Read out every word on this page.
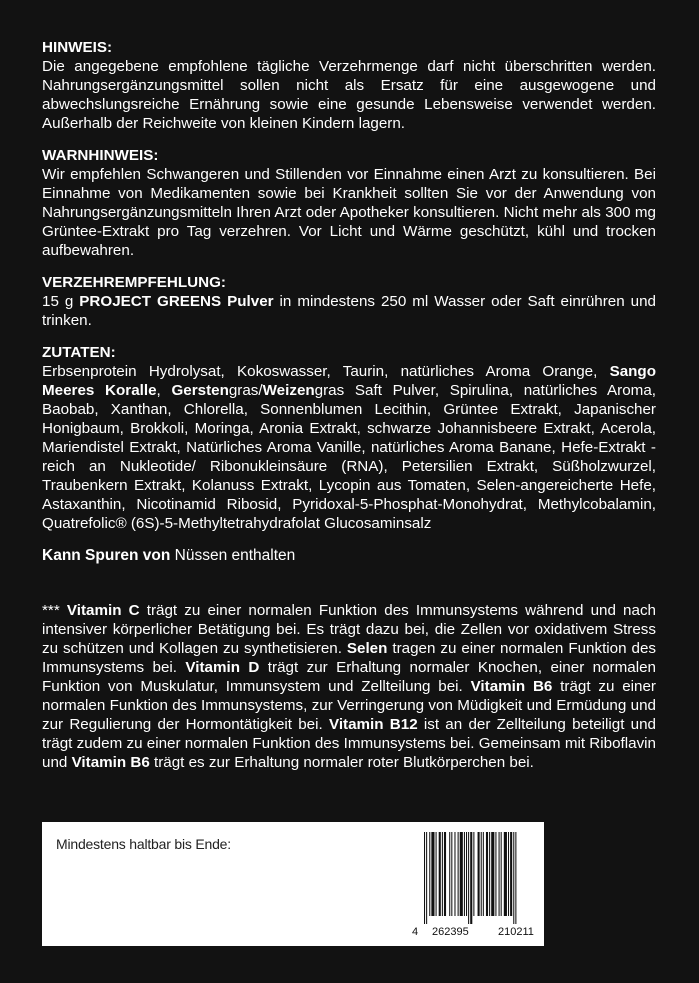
HINWEIS:
Die angegebene empfohlene tägliche Verzehrmenge darf nicht überschritten werden. Nahrungsergänzungsmittel sollen nicht als Ersatz für eine ausgewogene und abwechslungsreiche Ernährung sowie eine gesunde Lebensweise verwendet werden. Außerhalb der Reichweite von kleinen Kindern lagern.
WARNHINWEIS:
Wir empfehlen Schwangeren und Stillenden vor Einnahme einen Arzt zu konsultieren. Bei Einnahme von Medikamenten sowie bei Krankheit sollten Sie vor der Anwendung von Nahrungsergänzungsmitteln Ihren Arzt oder Apotheker konsultieren. Nicht mehr als 300 mg Grüntee-Extrakt pro Tag verzehren. Vor Licht und Wärme geschützt, kühl und trocken aufbewahren.
VERZEHREMPFEHLUNG:
15 g PROJECT GREENS Pulver in mindestens 250 ml Wasser oder Saft einrühren und trinken.
ZUTATEN:
Erbsenprotein Hydrolysat, Kokoswasser, Taurin, natürliches Aroma Orange, Sango Meeres Koralle, Gerstengras/Weizengras Saft Pulver, Spirulina, natürliches Aroma, Baobab, Xanthan, Chlorella, Sonnenblumen Lecithin, Grüntee Extrakt, Japanischer Honigbaum, Brokkoli, Moringa, Aronia Extrakt, schwarze Johannisbeere Extrakt, Acerola, Mariendistel Extrakt, Natürliches Aroma Vanille, natürliches Aroma Banane, Hefe-Extrakt - reich an Nukleotide/ Ribonukleinsäure (RNA), Petersilien Extrakt, Süßholzwurzel, Traubenkern Extrakt, Kolanuss Extrakt, Lycopin aus Tomaten, Selen-angereicherte Hefe, Astaxanthin, Nicotinamid Ribosid, Pyridoxal-5-Phosphat-Monohydrat, Methylcobalamin, Quatrefolic® (6S)-5-Methyltetrahydrafolat Glucosaminsalz
Kann Spuren von Nüssen enthalten
*** Vitamin C trägt zu einer normalen Funktion des Immunsystems während und nach intensiver körperlicher Betätigung bei. Es trägt dazu bei, die Zellen vor oxidativem Stress zu schützen und Kollagen zu synthetisieren. Selen tragen zu einer normalen Funktion des Immunsystems bei. Vitamin D trägt zur Erhaltung normaler Knochen, einer normalen Funktion von Muskulatur, Immunsystem und Zellteilung bei. Vitamin B6 trägt zu einer normalen Funktion des Immunsystems, zur Verringerung von Müdigkeit und Ermüdung und zur Regulierung der Hormontätigkeit bei. Vitamin B12 ist an der Zellteilung beteiligt und trägt zudem zu einer normalen Funktion des Immunsystems bei. Gemeinsam mit Riboflavin und Vitamin B6 trägt es zur Erhaltung normaler roter Blutkörperchen bei.
Mindestens haltbar bis Ende:
4 262395	210211
